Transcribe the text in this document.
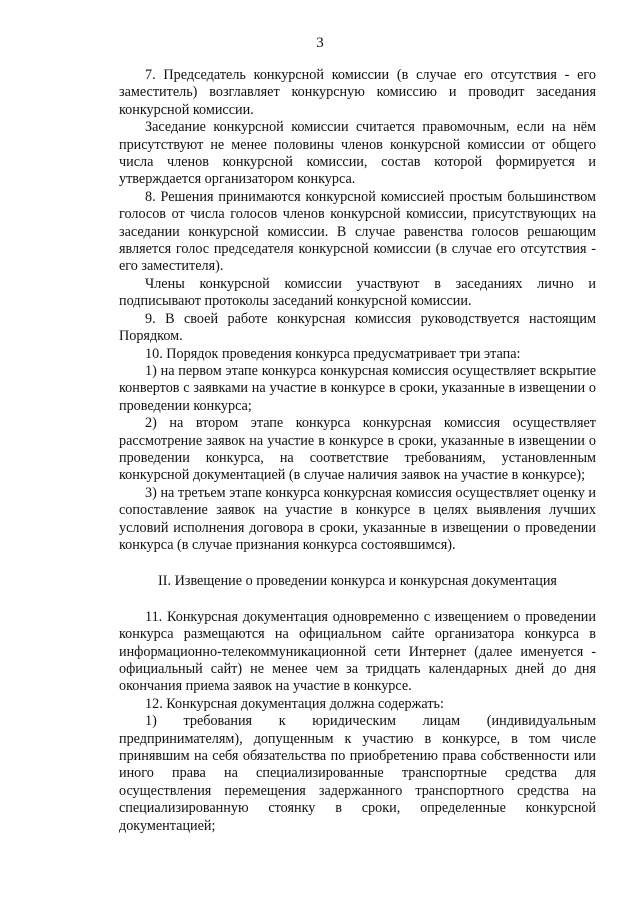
3

7. Председатель конкурсной комиссии (в случае его отсутствия - его заместитель) возглавляет конкурсную комиссию и проводит заседания конкурсной комиссии.

Заседание конкурсной комиссии считается правомочным, если на нём присутствуют не менее половины членов конкурсной комиссии от общего числа членов конкурсной комиссии, состав которой формируется и утверждается организатором конкурса.

8. Решения принимаются конкурсной комиссией простым большинством голосов от числа голосов членов конкурсной комиссии, присутствующих на заседании конкурсной комиссии. В случае равенства голосов решающим является голос председателя конкурсной комиссии (в случае его отсутствия - его заместителя).

Члены конкурсной комиссии участвуют в заседаниях лично и подписывают протоколы заседаний конкурсной комиссии.

9. В своей работе конкурсная комиссия руководствуется настоящим Порядком.

10. Порядок проведения конкурса предусматривает три этапа:

1) на первом этапе конкурса конкурсная комиссия осуществляет вскрытие конвертов с заявками на участие в конкурсе в сроки, указанные в извещении о проведении конкурса;

2) на втором этапе конкурса конкурсная комиссия осуществляет рассмотрение заявок на участие в конкурсе в сроки, указанные в извещении о проведении конкурса, на соответствие требованиям, установленным конкурсной документацией (в случае наличия заявок на участие в конкурсе);

3) на третьем этапе конкурса конкурсная комиссия осуществляет оценку и сопоставление заявок на участие в конкурсе в целях выявления лучших условий исполнения договора в сроки, указанные в извещении о проведении конкурса (в случае признания конкурса состоявшимся).

II. Извещение о проведении конкурса и конкурсная документация

11. Конкурсная документация одновременно с извещением о проведении конкурса размещаются на официальном сайте организатора конкурса в информационно-телекоммуникационной сети Интернет (далее именуется - официальный сайт) не менее чем за тридцать календарных дней до дня окончания приема заявок на участие в конкурсе.

12. Конкурсная документация должна содержать:

1) требования к юридическим лицам (индивидуальным предпринимателям), допущенным к участию в конкурсе, в том числе принявшим на себя обязательства по приобретению права собственности или иного права на специализированные транспортные средства для осуществления перемещения задержанного транспортного средства на специализированную стоянку в сроки, определенные конкурсной документацией;
